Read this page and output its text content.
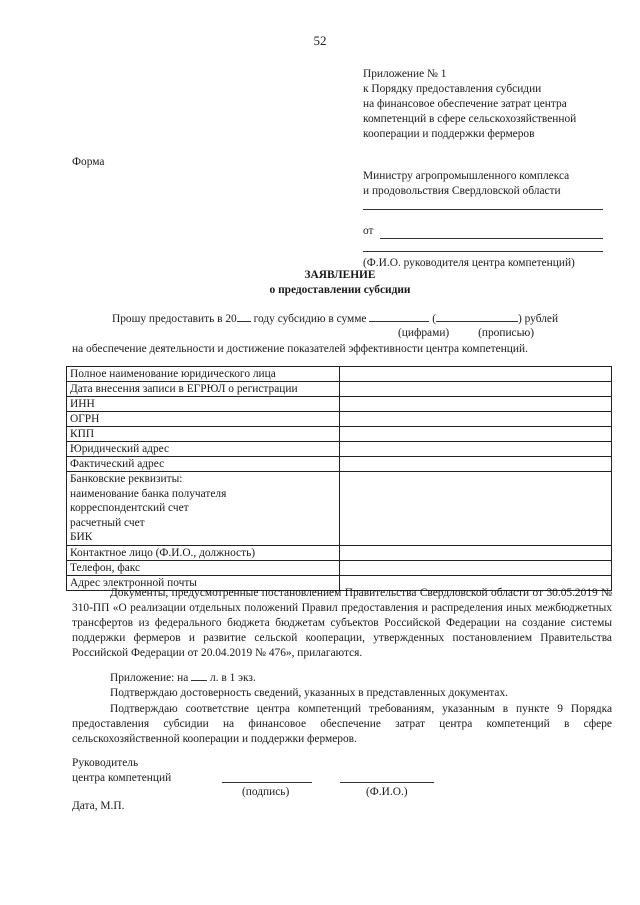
52
Приложение № 1
к Порядку предоставления субсидии
на финансовое обеспечение затрат центра
компетенций в сфере сельскохозяйственной
кооперации и поддержки фермеров
Форма
Министру агропромышленного комплекса
и продовольствия Свердловской области
от
(Ф.И.О. руководителя центра компетенций)
ЗАЯВЛЕНИЕ
о предоставлении субсидии
Прошу предоставить в 20 году субсидию в сумме	(	) рублей
(цифрами)	(прописью)
на обеспечение деятельности и достижение показателей эффективности центра компетенций.
Полное наименование юридического лица	
Дата внесения записи в ЕГРЮЛ о регистрации	
ИНН	
ОГРН	
КПП	
Юридический адрес	
Фактический адрес	

Банковские реквизиты:
наименование банка получателя
корреспондентский счет
расчетный счет
БИК	

Контактное лицо (Ф.И.О., должность)	
Телефон, факс	
Адрес электронной почты	
Документы, предусмотренные постановлением Правительства Свердловской области от 30.05.2019 № 310-ПП «О реализации отдельных положений Правил предоставления и распределения иных межбюджетных трансфертов из федерального бюджета бюджетам субъектов Российской Федерации на создание системы поддержки фермеров и развитие сельской кооперации, утвержденных постановлением Правительства Российской Федерации от 20.04.2019 № 476», прилагаются.
Приложение: на  л. в 1 экз.
Подтверждаю достоверность сведений, указанных в представленных документах.
Подтверждаю соответствие центра компетенций требованиям, указанным в пункте 9 Порядка предоставления субсидии на финансовое обеспечение затрат центра компетенций в сфере сельскохозяйственной кооперации и поддержки фермеров.
Руководитель
центра компетенций
(подпись)	(Ф.И.О.)
Дата, М.П.
